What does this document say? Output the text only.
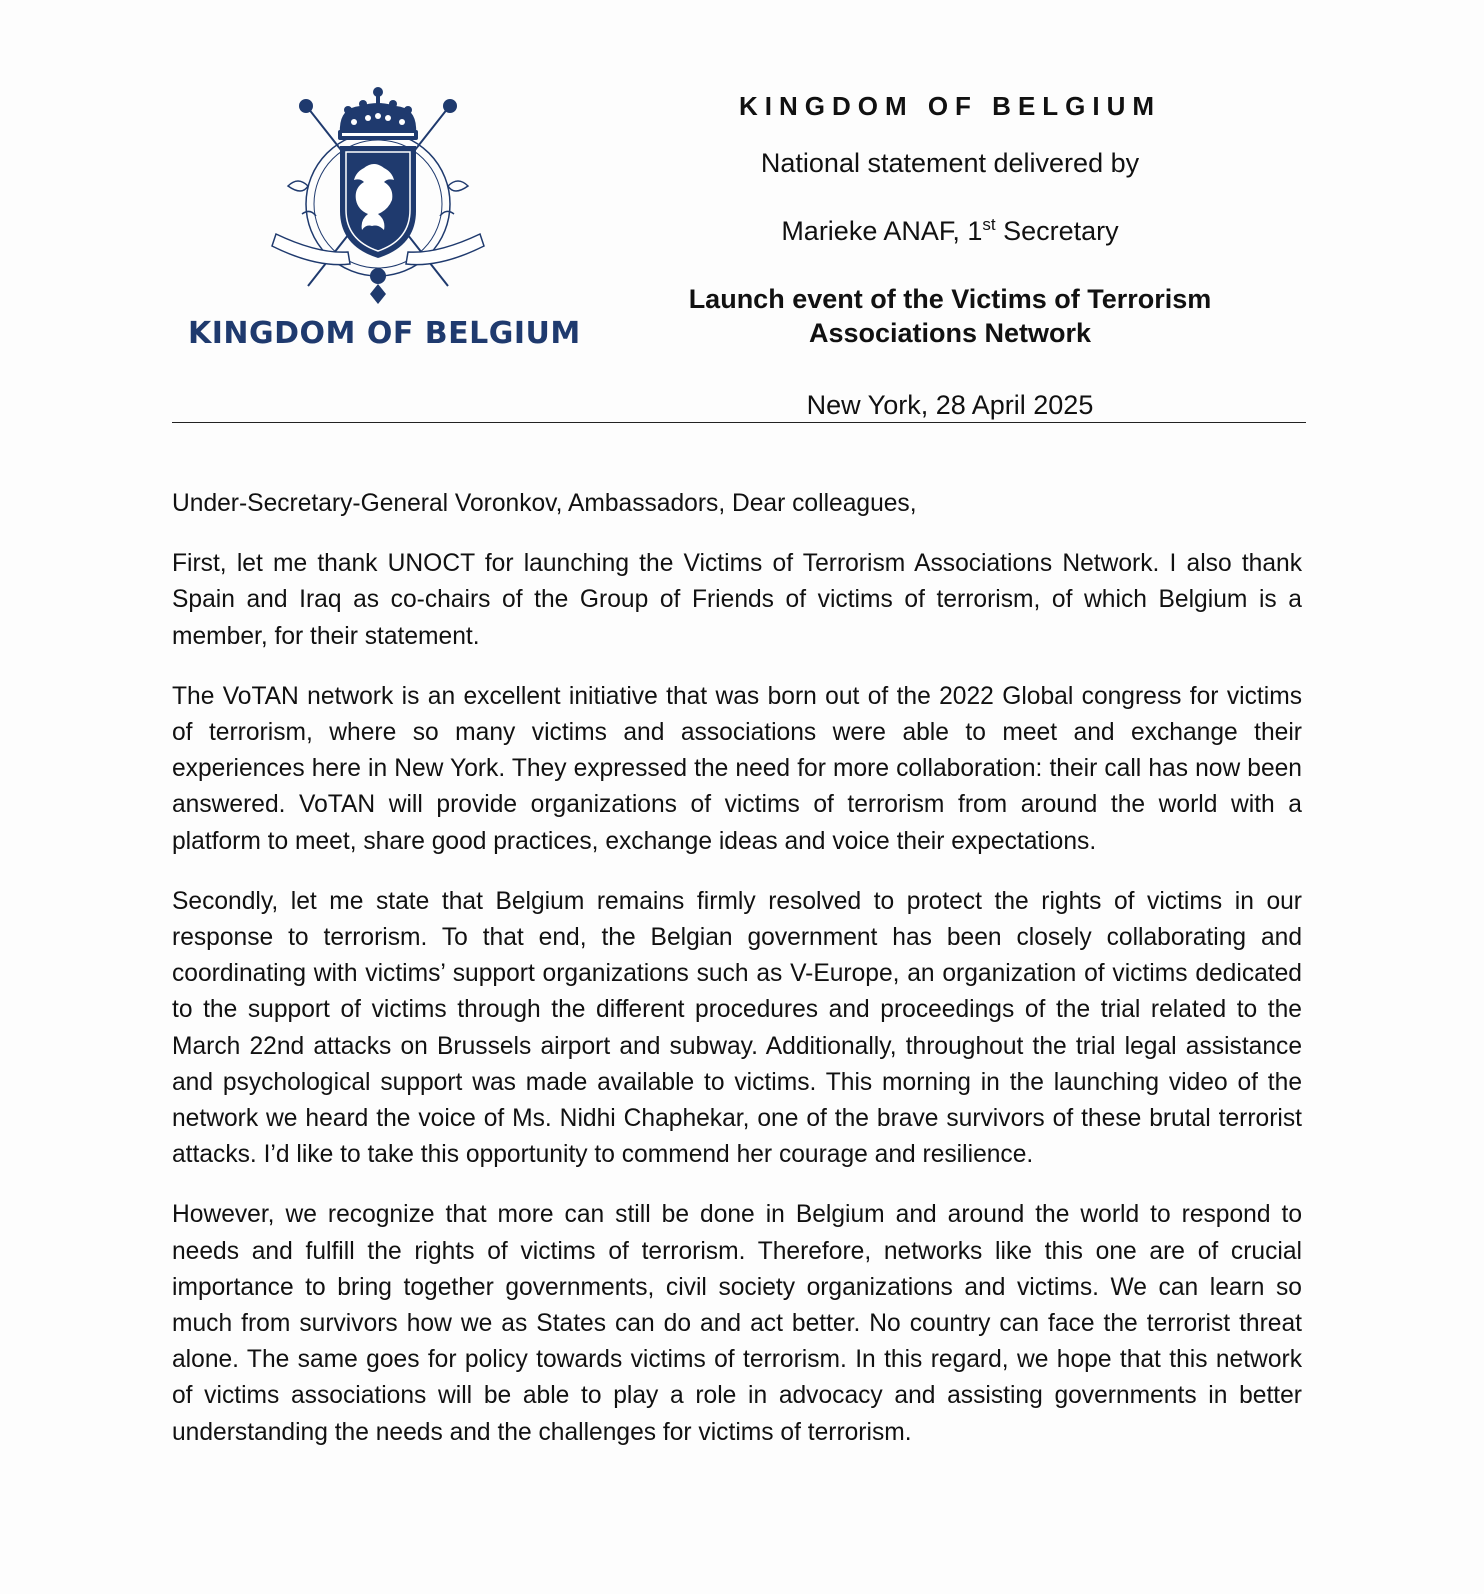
KINGDOM OF BELGIUM
KINGDOM OF BELGIUM
National statement delivered by
Marieke ANAF, 1st Secretary
Launch event of the Victims of Terrorism
Associations Network
New York, 28 April 2025

Under-Secretary-General Voronkov, Ambassadors, Dear colleagues,

First, let me thank UNOCT for launching the Victims of Terrorism Associations Network. I also thank Spain and Iraq as co-chairs of the Group of Friends of victims of terrorism, of which Belgium is a member, for their statement.

The VoTAN network is an excellent initiative that was born out of the 2022 Global congress for victims of terrorism, where so many victims and associations were able to meet and exchange their experiences here in New York. They expressed the need for more collaboration: their call has now been answered. VoTAN will provide organizations of victims of terrorism from around the world with a platform to meet, share good practices, exchange ideas and voice their expectations.

Secondly, let me state that Belgium remains firmly resolved to protect the rights of victims in our response to terrorism. To that end, the Belgian government has been closely collaborating and coordinating with victims’ support organizations such as V-Europe, an organization of victims dedicated to the support of victims through the different procedures and proceedings of the trial related to the March 22nd attacks on Brussels airport and subway. Additionally, throughout the trial legal assistance and psychological support was made available to victims. This morning in the launching video of the network we heard the voice of Ms. Nidhi Chaphekar, one of the brave survivors of these brutal terrorist attacks. I’d like to take this opportunity to commend her courage and resilience.

However, we recognize that more can still be done in Belgium and around the world to respond to needs and fulfill the rights of victims of terrorism. Therefore, networks like this one are of crucial importance to bring together governments, civil society organizations and victims. We can learn so much from survivors how we as States can do and act better. No country can face the terrorist threat alone. The same goes for policy towards victims of terrorism. In this regard, we hope that this network of victims associations will be able to play a role in advocacy and assisting governments in better understanding the needs and the challenges for victims of terrorism.
